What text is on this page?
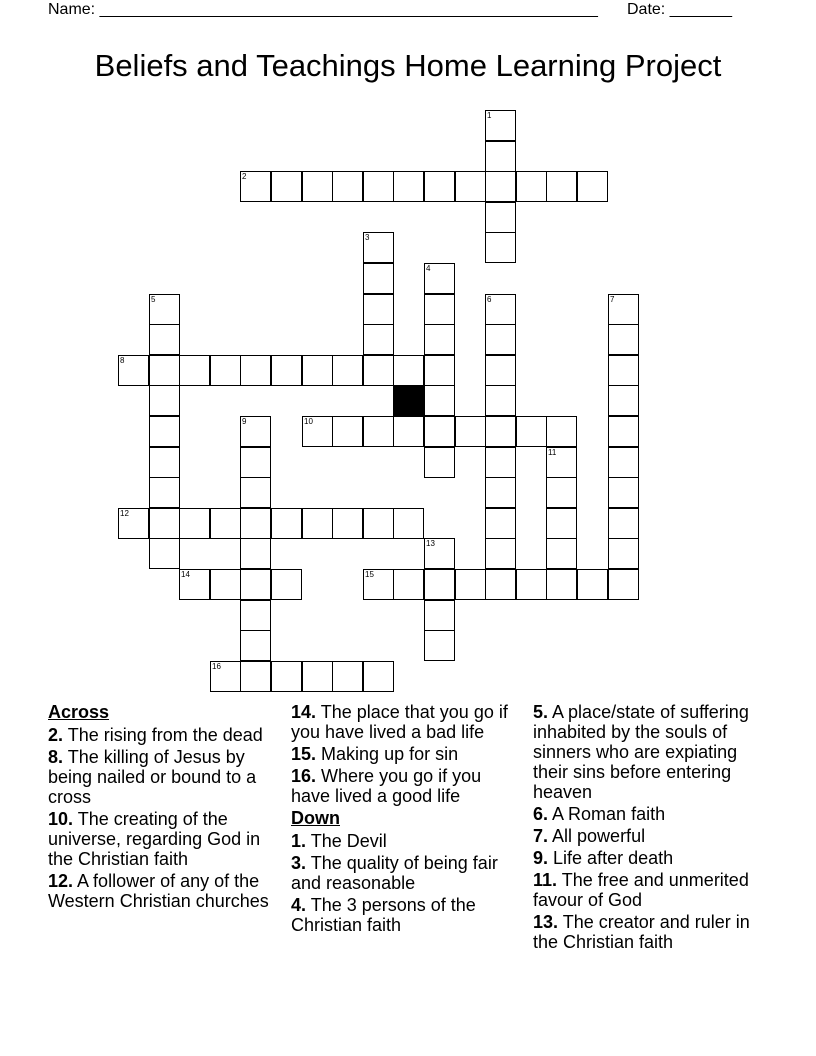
Name: ________________________________________________________ Date: _______
Beliefs and Teachings Home Learning Project
1
2
3
4
5	6	7
8
9	10
11
12
13
14	15
16
Across
2. The rising from the dead
8. The killing of Jesus by being nailed or bound to a cross
10. The creating of the universe, regarding God in the Christian faith
12. A follower of any of the Western Christian churches
14. The place that you go if you have lived a bad life
15. Making up for sin
16. Where you go if you have lived a good life
Down
1. The Devil
3. The quality of being fair and reasonable
4. The 3 persons of the Christian faith
5. A place/state of suffering inhabited by the souls of sinners who are expiating their sins before entering heaven
6. A Roman faith
7. All powerful
9. Life after death
11. The free and unmerited favour of God
13. The creator and ruler in the Christian faith
